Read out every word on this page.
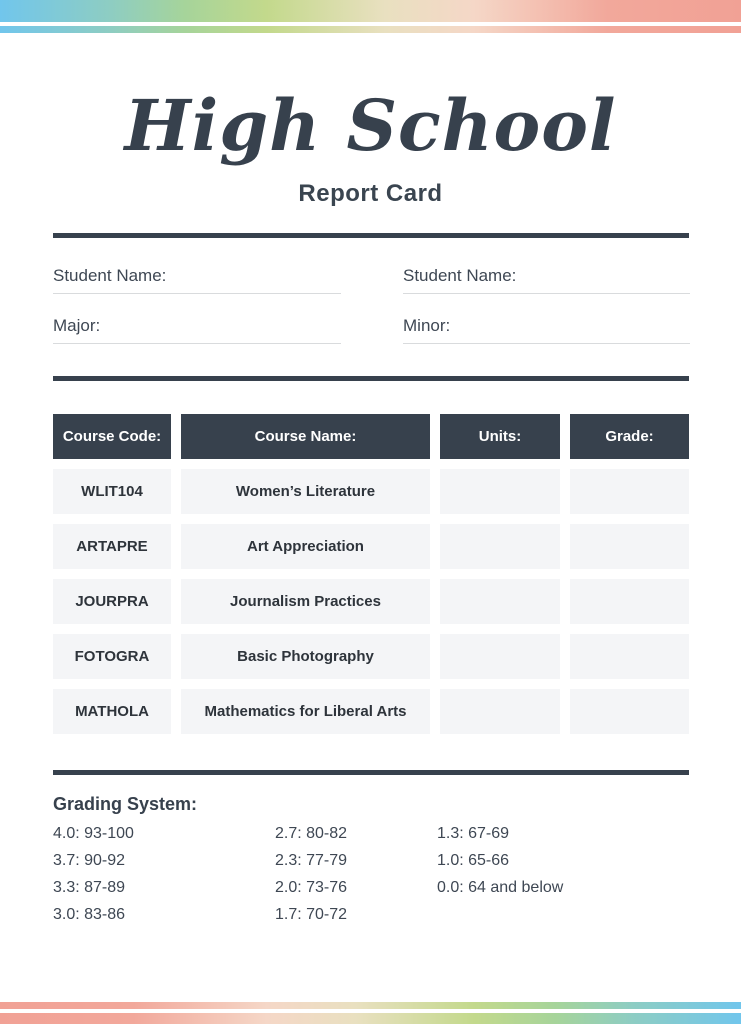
High School
Report Card
Student Name:	Student Name:
Major:	Minor:
Course Code:	Course Name:	Units:	Grade:
WLIT104	Women’s Literature
ARTAPRE	Art Appreciation
JOURPRA	Journalism Practices
FOTOGRA	Basic Photography
MATHOLA	Mathematics for Liberal Arts
Grading System:
4.0: 93-100
3.7: 90-92
3.3: 87-89
3.0: 83-86
2.7: 80-82
2.3: 77-79
2.0: 73-76
1.7: 70-72
1.3: 67-69
1.0: 65-66
0.0: 64 and below
